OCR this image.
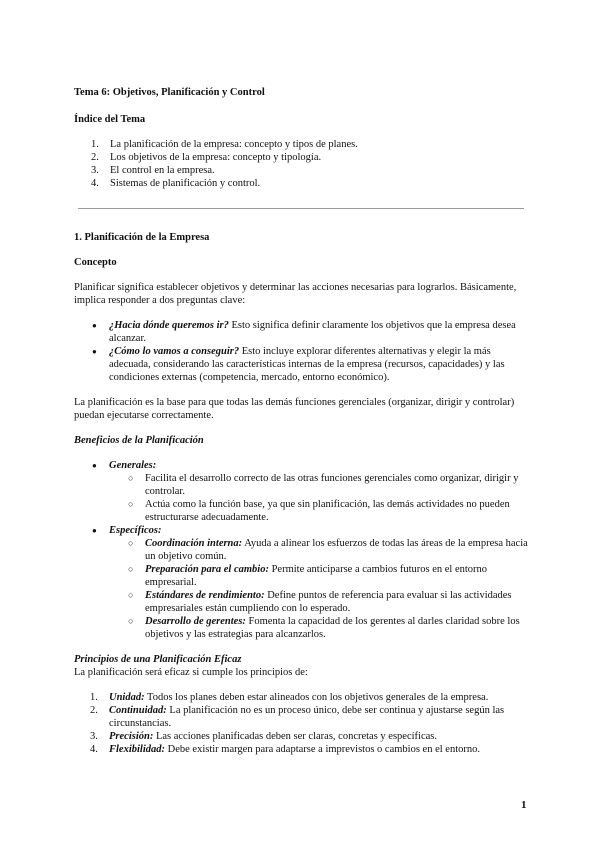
Tema 6: Objetivos, Planificación y Control
Índice del Tema
La planificación de la empresa: concepto y tipos de planes.
Los objetivos de la empresa: concepto y tipología.
El control en la empresa.
Sistemas de planificación y control.
1. Planificación de la Empresa
Concepto

Planificar significa establecer objetivos y determinar las acciones necesarias para lograrlos. Básicamente, implica responder a dos preguntas clave:

● ¿Hacia dónde queremos ir? Esto significa definir claramente los objetivos que la empresa desea alcanzar.
● ¿Cómo lo vamos a conseguir? Esto incluye explorar diferentes alternativas y elegir la más adecuada, considerando las características internas de la empresa (recursos, capacidades) y las condiciones externas (competencia, mercado, entorno económico).

La planificación es la base para que todas las demás funciones gerenciales (organizar, dirigir y controlar) puedan ejecutarse correctamente.

Beneficios de la Planificación
● Generales:
○ Facilita el desarrollo correcto de las otras funciones gerenciales como organizar, dirigir y controlar.
○ Actúa como la función base, ya que sin planificación, las demás actividades no pueden estructurarse adecuadamente.
● Específicos:
○ Coordinación interna: Ayuda a alinear los esfuerzos de todas las áreas de la empresa hacia un objetivo común.
○ Preparación para el cambio: Permite anticiparse a cambios futuros en el entorno empresarial.
○ Estándares de rendimiento: Define puntos de referencia para evaluar si las actividades empresariales están cumpliendo con lo esperado.
○ Desarrollo de gerentes: Fomenta la capacidad de los gerentes al darles claridad sobre los objetivos y las estrategias para alcanzarlos.
Principios de una Planificación Eficaz

La planificación será eficaz si cumple los principios de:

Unidad: Todos los planes deben estar alineados con los objetivos generales de la empresa.
Continuidad: La planificación no es un proceso único, debe ser continua y ajustarse según las circunstancias.
Precisión: Las acciones planificadas deben ser claras, concretas y específicas.
Flexibilidad: Debe existir margen para adaptarse a imprevistos o cambios en el entorno.
1
